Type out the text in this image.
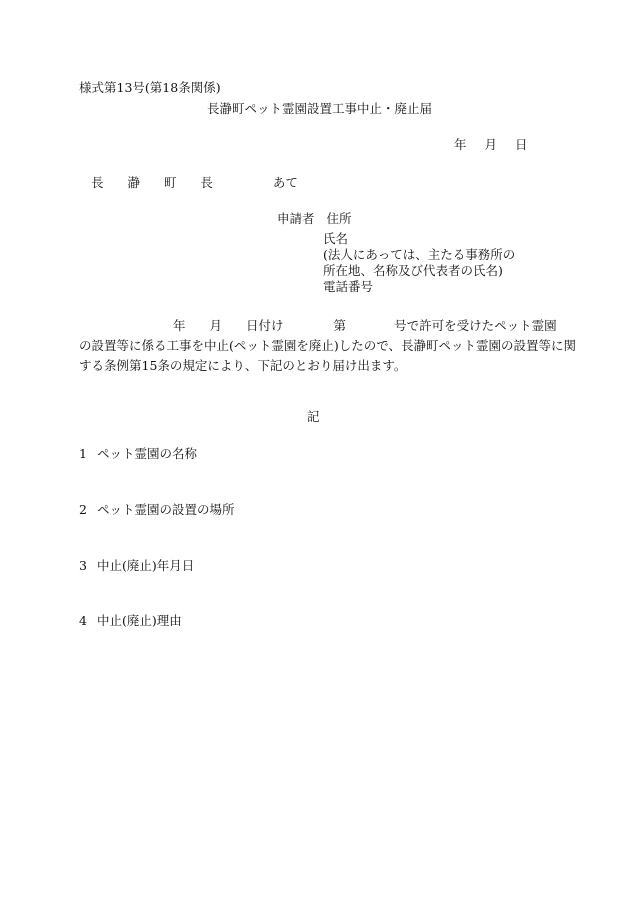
様式第13号(第18条関係)
長瀞町ペット霊園設置工事中止・廃止届
年 月 日
長 瀞 町 長	あて
申請者 住所
氏名
(法人にあっては、主たる事務所の
所在地、名称及び代表者の氏名)
電話番号
年 月 日付け	第	号で許可を受けたペット霊園
の設置等に係る工事を中止(ペット霊園を廃止)したので、長瀞町ペット霊園の設置等に関
する条例第15条の規定により、下記のとおり届け出ます。
記
1 ペット霊園の名称
2 ペット霊園の設置の場所
3 中止(廃止)年月日
4 中止(廃止)理由
